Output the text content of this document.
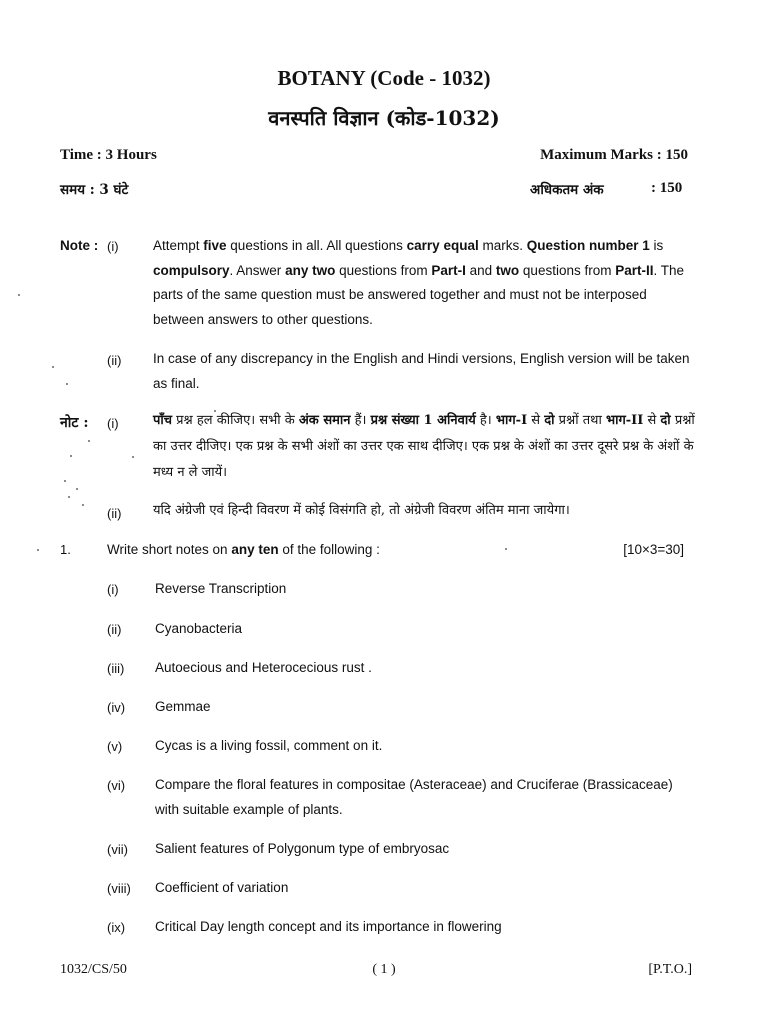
BOTANY (Code - 1032)
वनस्पति विज्ञान (कोड-1032)
Time : 3 Hours	Maximum Marks : 150
समय : 3 घंटे	अधिकतम अंक	: 150
Note : (i)	Attempt five questions in all. All questions carry equal marks. Question number 1 is compulsory. Answer any two questions from Part-I and two questions from Part-II. The parts of the same question must be answered together and must not be interposed between answers to other questions.
(ii) In case of any discrepancy in the English and Hindi versions, English version will be taken as final.
नोट : (i)	पाँच प्रश्न हल कीजिए। सभी के अंक समान हैं। प्रश्न संख्या 1 अनिवार्य है। भाग-I से दो प्रश्नों तथा भाग-II से दो प्रश्नों का उत्तर दीजिए। एक प्रश्न के सभी अंशों का उत्तर एक साथ दीजिए। एक प्रश्न के अंशों का उत्तर दूसरे प्रश्न के अंशों के मध्य न ले जायें।
(ii) यदि अंग्रेजी एवं हिन्दी विवरण में कोई विसंगति हो, तो अंग्रेजी विवरण अंतिम माना जायेगा।
1.	Write short notes on any ten of the following :	[10×3=30]
(i)	Reverse Transcription
(ii) Cyanobacteria
(iii) Autoecious and Heterocecious rust .
(iv) Gemmae
(v) Cycas is a living fossil, comment on it.
(vi) Compare the floral features in compositae (Asteraceae) and Cruciferae (Brassicaceae) with suitable example of plants.
(vii) Salient features of Polygonum type of embryosac
(viii) Coefficient of variation
(ix) Critical Day length concept and its importance in flowering
1032/CS/50	( 1 )	[P.T.O.]
